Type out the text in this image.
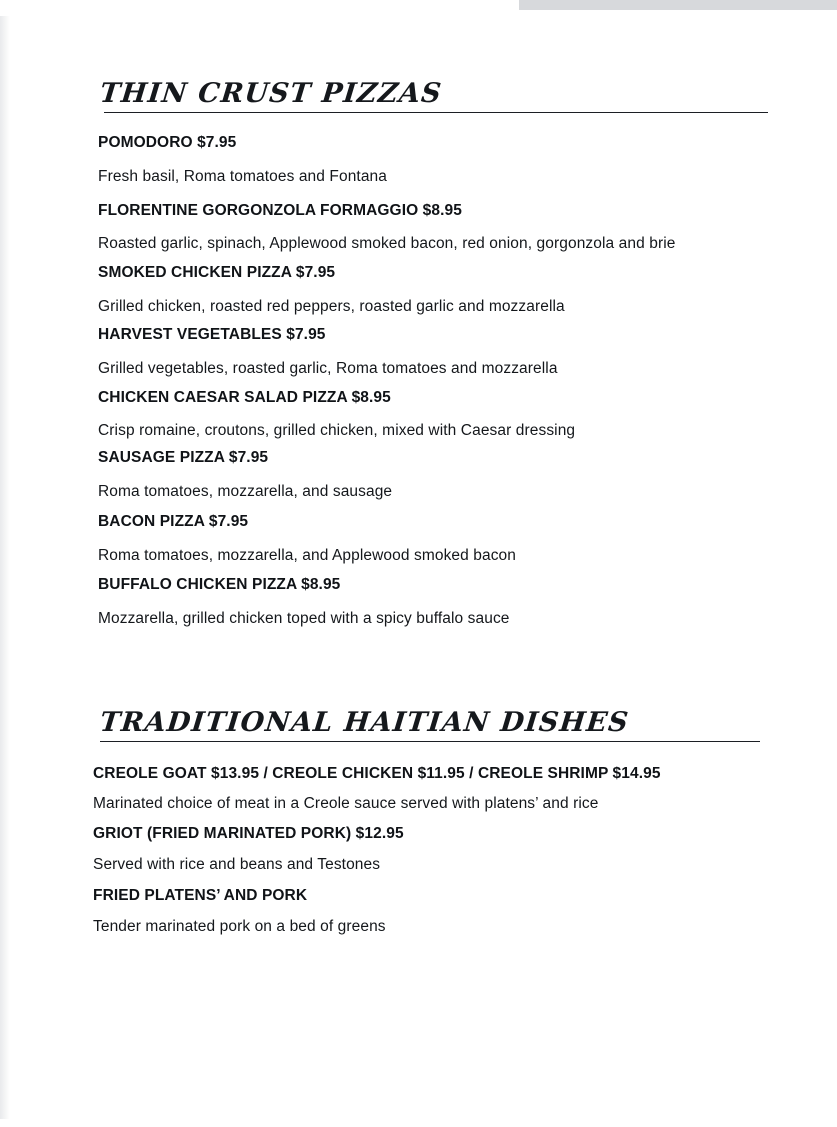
THIN CRUST PIZZAS
POMODORO $7.95
Fresh basil, Roma tomatoes and Fontana
FLORENTINE GORGONZOLA FORMAGGIO $8.95
Roasted garlic, spinach, Applewood smoked bacon, red onion, gorgonzola and brie
SMOKED CHICKEN PIZZA $7.95
Grilled chicken, roasted red peppers, roasted garlic and mozzarella
HARVEST VEGETABLES $7.95
Grilled vegetables, roasted garlic, Roma tomatoes and mozzarella
CHICKEN CAESAR SALAD PIZZA $8.95
Crisp romaine, croutons, grilled chicken, mixed with Caesar dressing
SAUSAGE PIZZA $7.95
Roma tomatoes, mozzarella, and sausage
BACON PIZZA $7.95
Roma tomatoes, mozzarella, and Applewood smoked bacon
BUFFALO CHICKEN PIZZA $8.95
Mozzarella, grilled chicken toped with a spicy buffalo sauce
TRADITIONAL HAITIAN DISHES
CREOLE GOAT $13.95 / CREOLE CHICKEN $11.95 / CREOLE SHRIMP $14.95
Marinated choice of meat in a Creole sauce served with platens’ and rice
GRIOT (FRIED MARINATED PORK) $12.95
Served with rice and beans and Testones
FRIED PLATENS’ AND PORK
Tender marinated pork on a bed of greens
